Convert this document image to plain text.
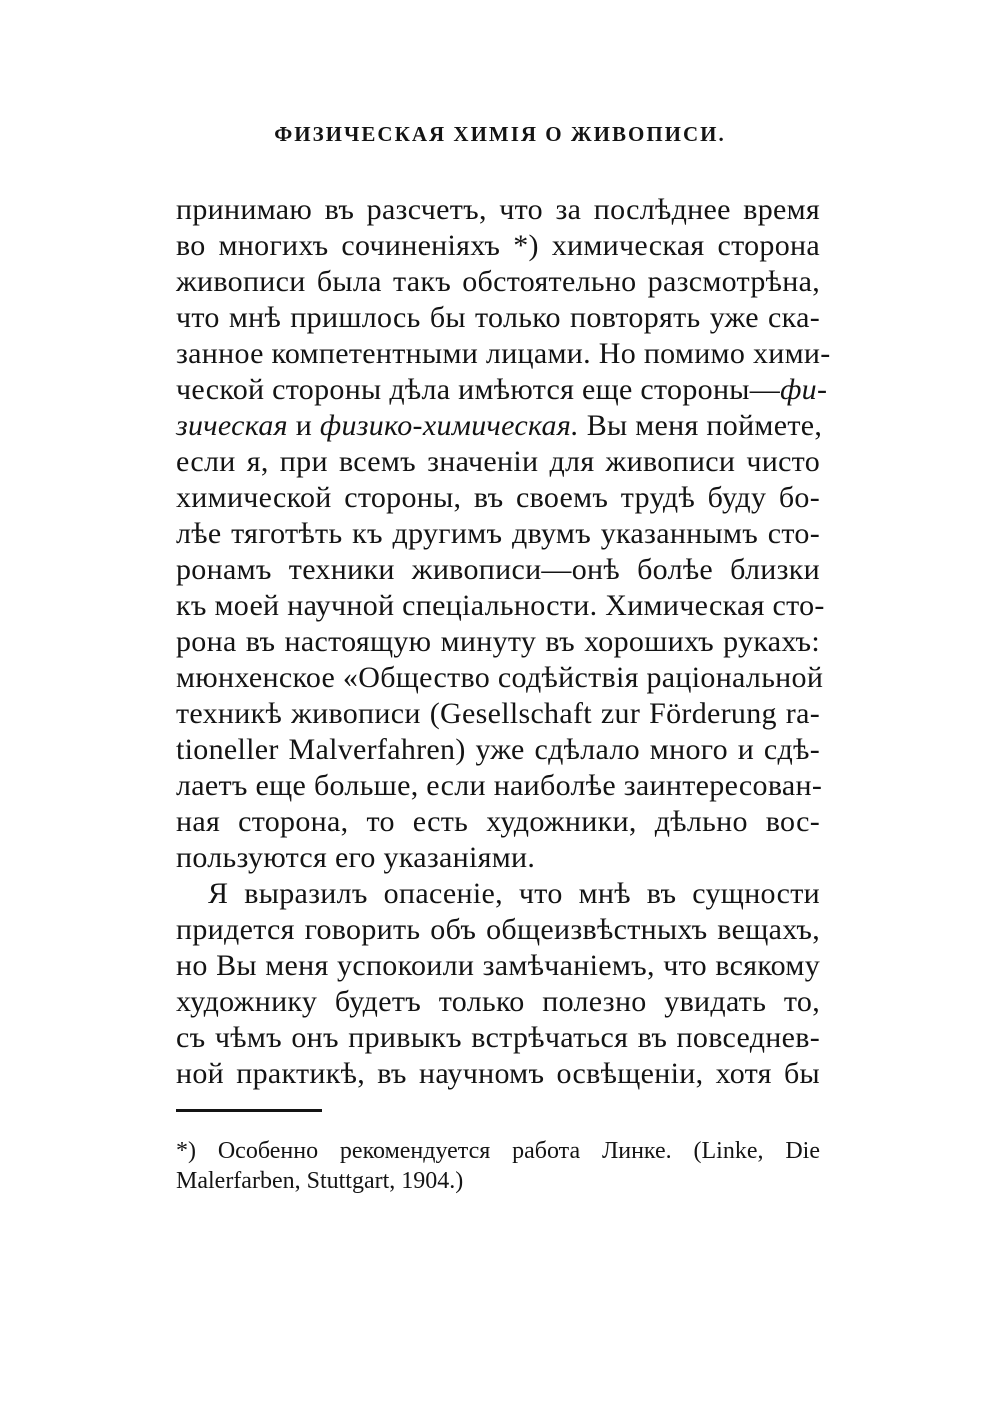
ФИЗИЧЕСКАЯ ХИМІЯ О ЖИВОПИСИ.
принимаю въ разсчетъ, что за послѣднее время
во многихъ сочиненіяхъ *) химическая сторона
живописи была такъ обстоятельно разсмотрѣна,
что мнѣ пришлось бы только повторять уже ска-
занное компетентными лицами. Но помимо хими-
ческой стороны дѣла имѣются еще стороны—фи-
зическая и физико-химическая. Вы меня поймете,
если я, при всемъ значеніи для живописи чисто
химической стороны, въ своемъ трудѣ буду бо-
лѣе тяготѣть къ другимъ двумъ указаннымъ сто-
ронамъ техники живописи—онѣ болѣе близки
къ моей научной спеціальности. Химическая сто-
рона въ настоящую минуту въ хорошихъ рукахъ:
мюнхенское «Общество содѣйствія раціональной
техникѣ живописи (Gesellschaft zur Förderung ra-
tioneller Malverfahren) уже сдѣлало много и сдѣ-
лаетъ еще больше, если наиболѣе заинтересован-
ная сторона, то есть художники, дѣльно вос-
пользуются его указаніями.
Я выразилъ опасеніе, что мнѣ въ сущности
придется говорить объ общеизвѣстныхъ вещахъ,
но Вы меня успокоили замѣчаніемъ, что всякому
художнику будетъ только полезно увидать то,
съ чѣмъ онъ привыкъ встрѣчаться въ повседнев-
ной практикѣ, въ научномъ освѣщеніи, хотя бы
*) Особенно рекомендуется работа Линке. (Linke, Die
Malerfarben, Stuttgart, 1904.)
